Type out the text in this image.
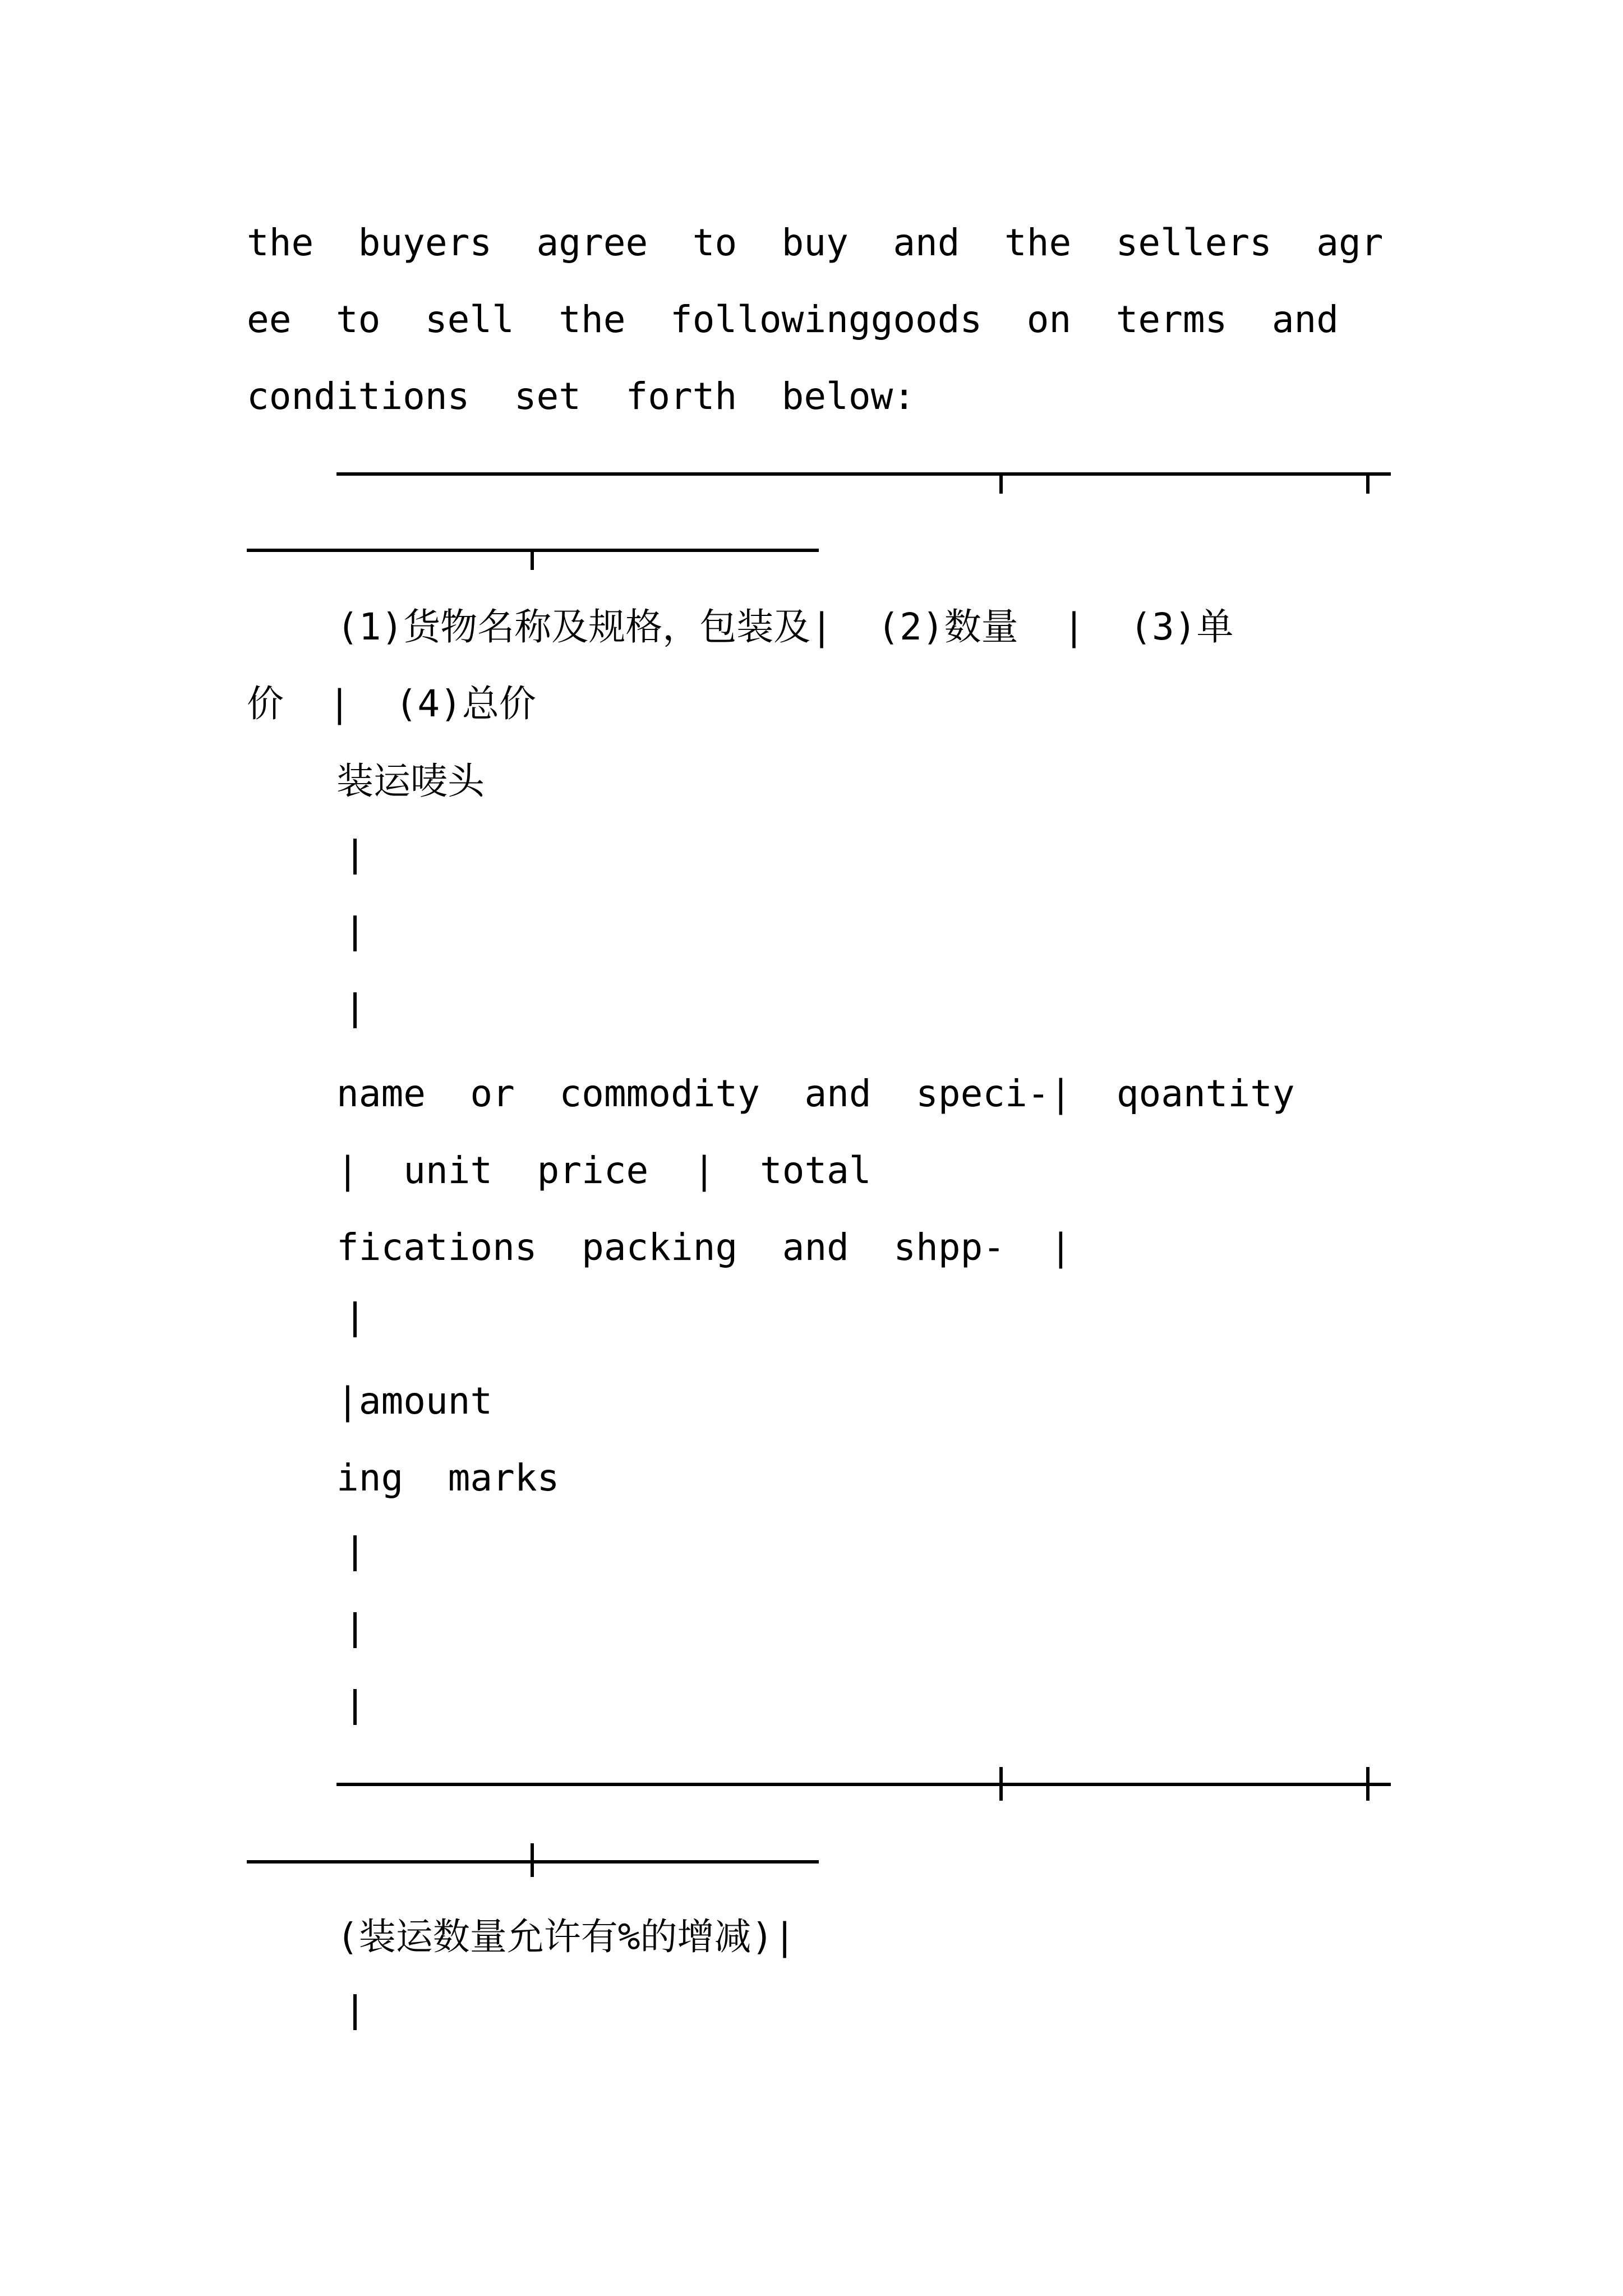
the  buyers  agree  to  buy  and  the  sellers  agr
ee  to  sell  the  followinggoods  on  terms  and
conditions  set  forth  below:
(1)货物名称及规格，包装及|  (2)数量  |  (3)单
价  |  (4)总价
装运唛头
name  or  commodity  and  speci-|  qoantity
|  unit  price  |  total
fications  packing  and  shpp-  |
|amount
ing  marks
(装运数量允许有%的增减)|
